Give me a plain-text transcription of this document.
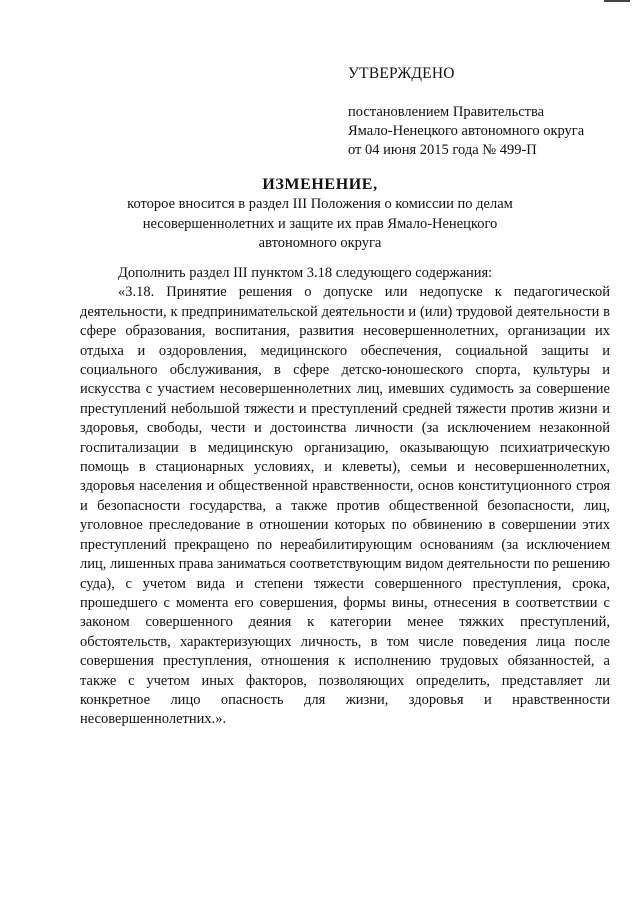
УТВЕРЖДЕНО
постановлением Правительства
Ямало-Ненецкого автономного округа
от 04 июня 2015 года № 499-П
ИЗМЕНЕНИЕ,
которое вносится в раздел III Положения о комиссии по делам
несовершеннолетних и защите их прав Ямало-Ненецкого
автономного округа
Дополнить раздел III пунктом 3.18 следующего содержания:
«3.18. Принятие решения о допуске или недопуске к педагогической деятельности, к предпринимательской деятельности и (или) трудовой деятельности в сфере образования, воспитания, развития несовершеннолетних, организации их отдыха и оздоровления, медицинского обеспечения, социальной защиты и социального обслуживания, в сфере детско-юношеского спорта, культуры и искусства с участием несовершеннолетних лиц, имевших судимость за совершение преступлений небольшой тяжести и преступлений средней тяжести против жизни и здоровья, свободы, чести и достоинства личности (за исключением незаконной госпитализации в медицинскую организацию, оказывающую психиатрическую помощь в стационарных условиях, и клеветы), семьи и несовершеннолетних, здоровья населения и общественной нравственности, основ конституционного строя и безопасности государства, а также против общественной безопасности, лиц, уголовное преследование в отношении которых по обвинению в совершении этих преступлений прекращено по нереабилитирующим основаниям (за исключением лиц, лишенных права заниматься соответствующим видом деятельности по решению суда), с учетом вида и степени тяжести совершенного преступления, срока, прошедшего с момента его совершения, формы вины, отнесения в соответствии с законом совершенного деяния к категории менее тяжких преступлений, обстоятельств, характеризующих личность, в том числе поведения лица после совершения преступления, отношения к исполнению трудовых обязанностей, а также с учетом иных факторов, позволяющих определить, представляет ли конкретное лицо опасность для жизни, здоровья и нравственности несовершеннолетних.».
